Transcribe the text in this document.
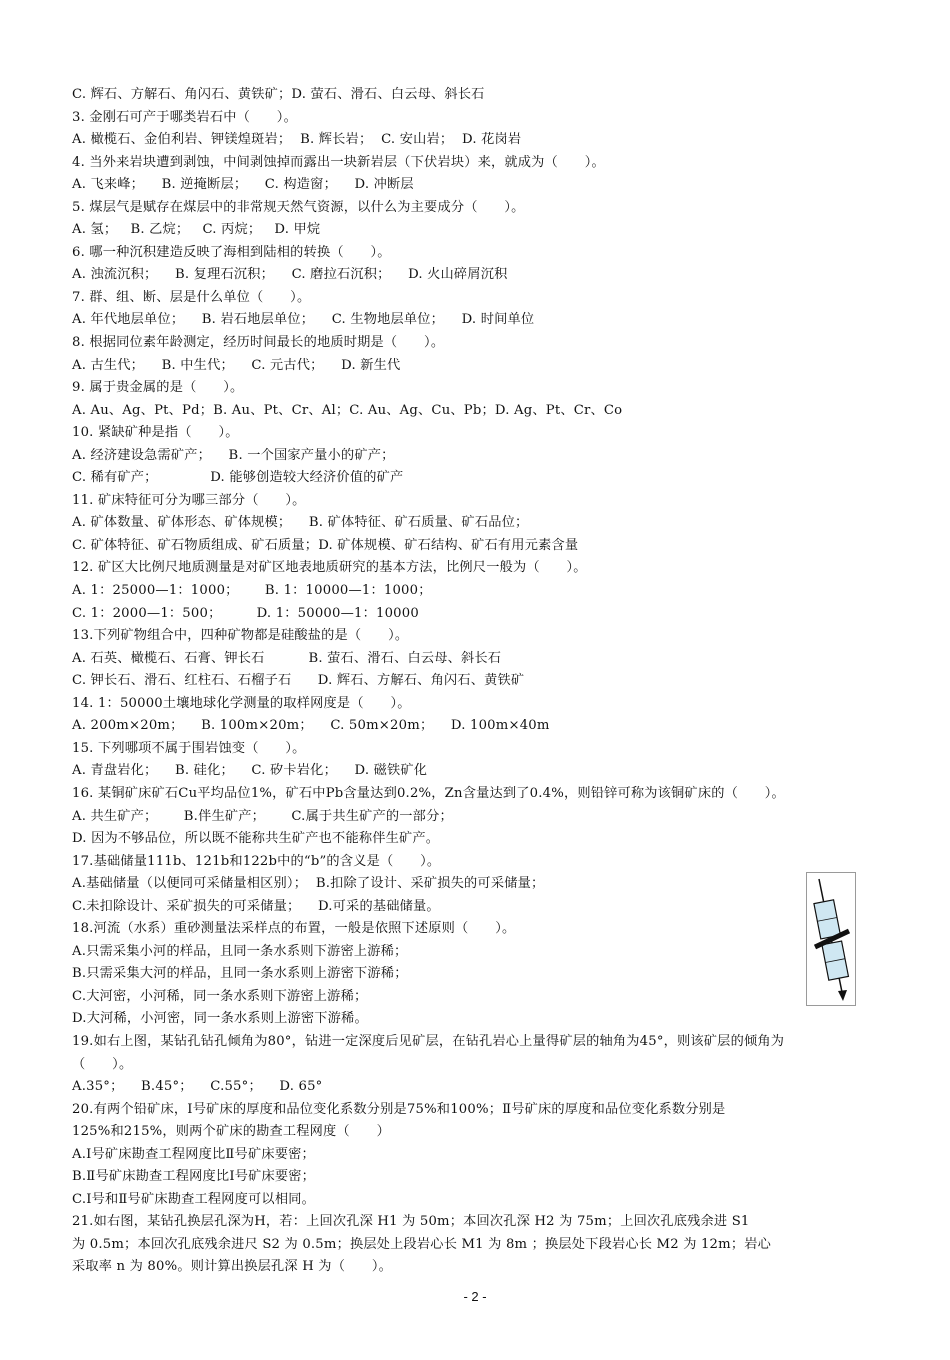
C. 辉石、方解石、角闪石、黄铁矿；D. 萤石、滑石、白云母、斜长石
3. 金刚石可产于哪类岩石中（　　）。
A. 橄榄石、金伯利岩、钾镁煌斑岩；  B. 辉长岩；  C. 安山岩；  D. 花岗岩
4. 当外来岩块遭到剥蚀，中间剥蚀掉而露出一块新岩层（下伏岩块）来，就成为（　　）。
A. 飞来峰；    B. 逆掩断层；    C. 构造窗；    D. 冲断层
5. 煤层气是赋存在煤层中的非常规天然气资源，以什么为主要成分（　　）。
A. 氢；   B. 乙烷；   C. 丙烷；   D. 甲烷
6. 哪一种沉积建造反映了海相到陆相的转换（　　）。
A. 浊流沉积；    B. 复理石沉积；    C. 磨拉石沉积；    D. 火山碎屑沉积
7. 群、组、断、层是什么单位（　　）。
A. 年代地层单位；    B. 岩石地层单位；    C. 生物地层单位；    D. 时间单位
8. 根据同位素年龄测定，经历时间最长的地质时期是（　　）。
A. 古生代；    B. 中生代；    C. 元古代；    D. 新生代
9. 属于贵金属的是（　　）。
A. Au、Ag、Pt、Pd；B. Au、Pt、Cr、Al；C. Au、Ag、Cu、Pb；D. Ag、Pt、Cr、Co
10. 紧缺矿种是指（　　）。
A. 经济建设急需矿产；    B. 一个国家产量小的矿产；
C. 稀有矿产；            D. 能够创造较大经济价值的矿产
11. 矿床特征可分为哪三部分（　　）。
A. 矿体数量、矿体形态、矿体规模；    B. 矿体特征、矿石质量、矿石品位；
C. 矿体特征、矿石物质组成、矿石质量；D. 矿体规模、矿石结构、矿石有用元素含量
12. 矿区大比例尺地质测量是对矿区地表地质研究的基本方法，比例尺一般为（　　）。
A. 1：25000—1：1000；      B. 1：10000—1：1000；
C. 1：2000—1：500；        D. 1：50000—1：10000
13.下列矿物组合中，四种矿物都是硅酸盐的是（　　）。
A. 石英、橄榄石、石膏、钾长石          B. 萤石、滑石、白云母、斜长石
C. 钾长石、滑石、红柱石、石榴子石      D. 辉石、方解石、角闪石、黄铁矿
14. 1：50000土壤地球化学测量的取样网度是（　　）。
A. 200m×20m；    B. 100m×20m；    C. 50m×20m；    D. 100m×40m
15. 下列哪项不属于围岩蚀变（　　）。
A. 青盘岩化；    B. 硅化；    C. 矽卡岩化；    D. 磁铁矿化
16. 某铜矿床矿石Cu平均品位1%，矿石中Pb含量达到0.2%，Zn含量达到了0.4%，则铅锌可称为该铜矿床的（　　）。
A. 共生矿产；      B.伴生矿产；      C.属于共生矿产的一部分；
D. 因为不够品位，所以既不能称共生矿产也不能称伴生矿产。
17.基础储量111b、121b和122b中的“b”的含义是（　　）。
A.基础储量（以便同可采储量相区别）；  B.扣除了设计、采矿损失的可采储量；
C.未扣除设计、采矿损失的可采储量；    D.可采的基础储量。
18.河流（水系）重砂测量法采样点的布置，一般是依照下述原则（　　）。
A.只需采集小河的样品，且同一条水系则下游密上游稀；
B.只需采集大河的样品，且同一条水系则上游密下游稀；
C.大河密，小河稀，同一条水系则下游密上游稀；
D.大河稀，小河密，同一条水系则上游密下游稀。
19.如右上图，某钻孔钻孔倾角为80°，钻进一定深度后见矿层，在钻孔岩心上量得矿层的轴角为45°，则该矿层的倾角为
（　　）。
A.35°；    B.45°；    C.55°；    D. 65°
20.有两个铅矿床，Ⅰ号矿床的厚度和品位变化系数分别是75%和100%；Ⅱ号矿床的厚度和品位变化系数分别是
125%和215%，则两个矿床的勘查工程网度（　　）
A.Ⅰ号矿床勘查工程网度比Ⅱ号矿床要密；
B.Ⅱ号矿床勘查工程网度比Ⅰ号矿床要密；
C.Ⅰ号和Ⅱ号矿床勘查工程网度可以相同。
21.如右图，某钻孔换层孔深为H，若：上回次孔深 H1 为 50m；本回次孔深 H2 为 75m；上回次孔底残余进 S1
为 0.5m；本回次孔底残余进尺 S2 为 0.5m；换层处上段岩心长 M1 为 8m ；换层处下段岩心长 M2 为 12m；岩心
采取率 n 为 80%。则计算出换层孔深 H 为（　　）。
- 2 -
